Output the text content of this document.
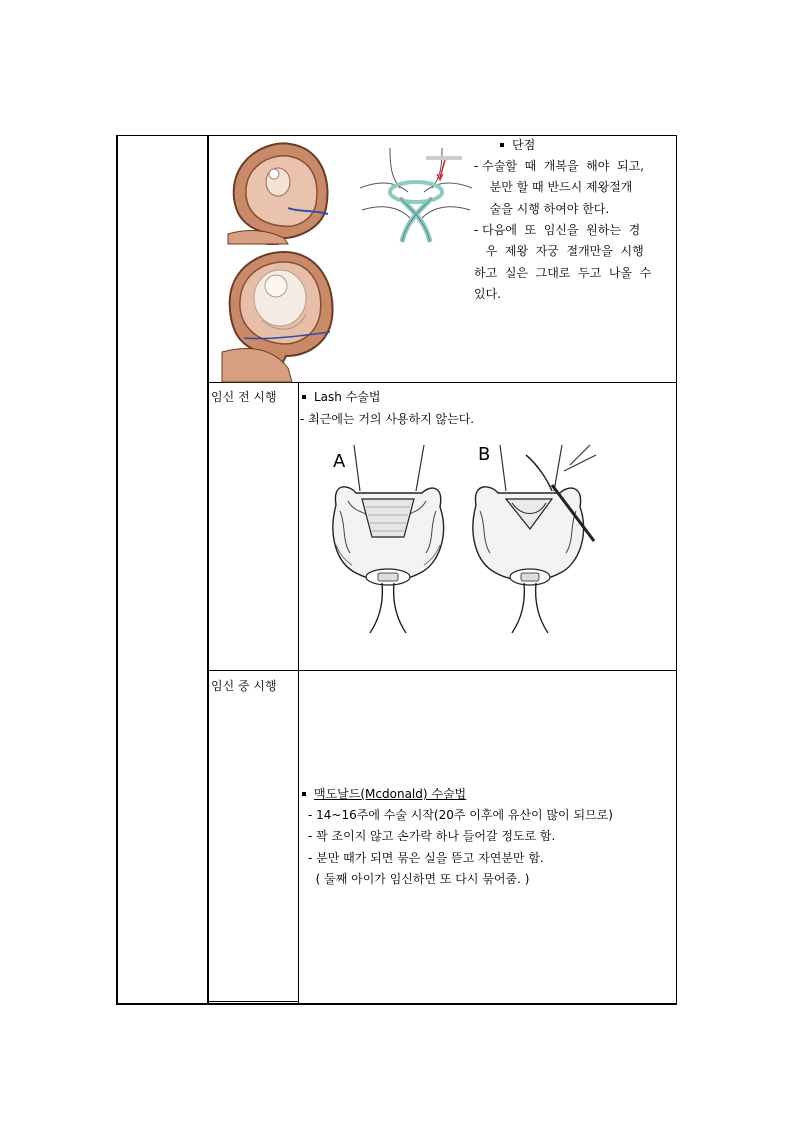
단점
- 수술할  때  개복을  해야  되고,
분만 할 때 반드시 제왕절개
술을 시행 하여야 한다.
- 다음에  또  임신을  원하는  경
우  제왕  자궁  절개만을  시행
하고  실은  그대로  두고  나올  수
있다.
임신 전 시행	Lash 수술법
- 최근에는 거의 사용하지 않는다.
A	B
임신 중 시행
맥도날드(Mcdonald) 수술법
- 14~16주에 수술 시작(20주 이후에 유산이 많이 되므로)
- 꽉 조이지 않고 손가락 하나 들어갈 정도로 함.
- 분만 때가 되면 묶은 실을 뜯고 자연분만 함.
( 둘째 아이가 임신하면 또 다시 묶어줌. )
